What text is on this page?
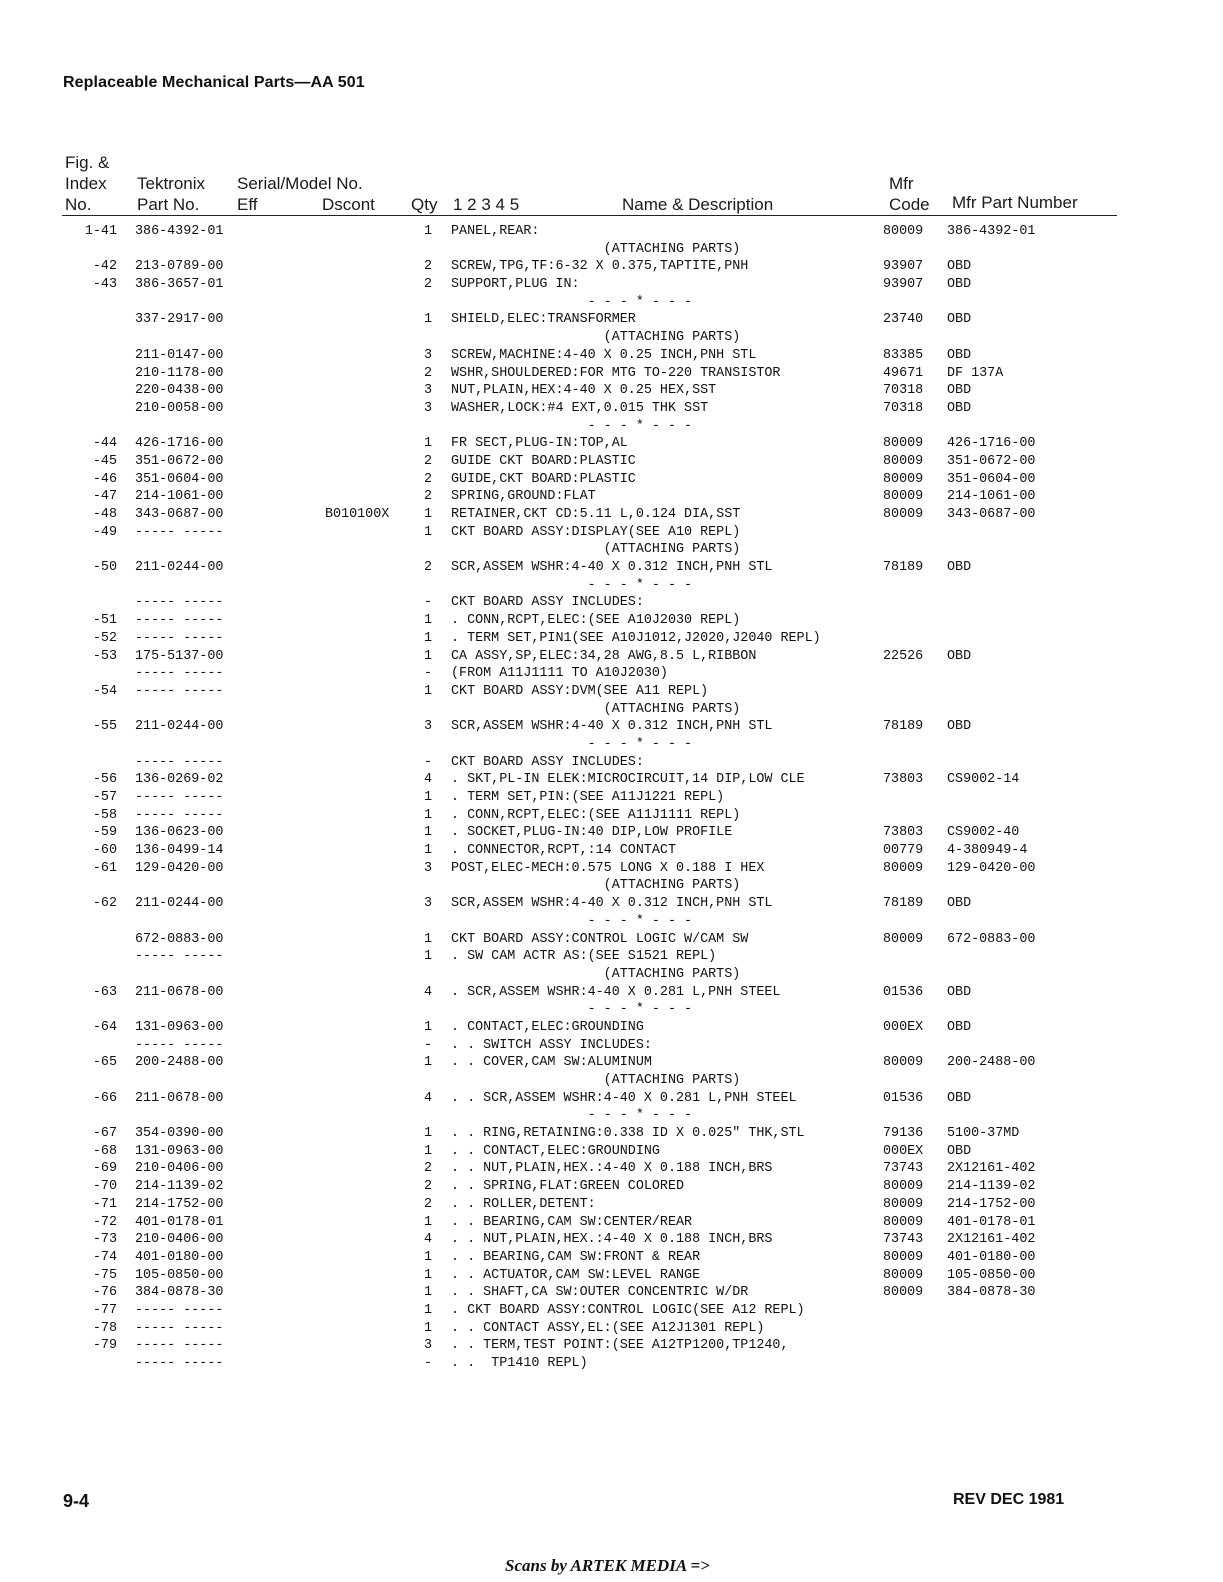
Replaceable Mechanical Parts—AA 501
Fig. &
Index
No.
Tektronix
Part No.
Serial/Model No.
Eff	Dscont Qty 1 2 3 4 5	Name & Description
Mfr
Code Mfr Part Number
1-41 386-4392-01	1	PANEL,REAR:	80009 386-4392-01
(ATTACHING PARTS)
-42 213-0789-00	2	SCREW,TPG,TF:6-32 X 0.375,TAPTITE,PNH	93907 OBD
-43 386-3657-01	2	SUPPORT,PLUG IN:	93907 OBD
- - - * - - -
337-2917-00	1	SHIELD,ELEC:TRANSFORMER	23740 OBD
(ATTACHING PARTS)
211-0147-00	3	SCREW,MACHINE:4-40 X 0.25 INCH,PNH STL	83385 OBD
210-1178-00	2	WSHR,SHOULDERED:FOR MTG TO-220 TRANSISTOR	49671 DF 137A
220-0438-00	3	NUT,PLAIN,HEX:4-40 X 0.25 HEX,SST	70318 OBD
210-0058-00	3	WASHER,LOCK:#4 EXT,0.015 THK SST	70318 OBD
- - - * - - -
-44 426-1716-00	1	FR SECT,PLUG-IN:TOP,AL	80009 426-1716-00
-45 351-0672-00	2	GUIDE CKT BOARD:PLASTIC	80009 351-0672-00
-46 351-0604-00	2	GUIDE,CKT BOARD:PLASTIC	80009 351-0604-00
-47 214-1061-00	2	SPRING,GROUND:FLAT	80009 214-1061-00
-48 343-0687-00	B010100X	1	RETAINER,CKT CD:5.11 L,0.124 DIA,SST	80009 343-0687-00
-49 ----- -----	1	CKT BOARD ASSY:DISPLAY(SEE A10 REPL)
(ATTACHING PARTS)
-50 211-0244-00	2	SCR,ASSEM WSHR:4-40 X 0.312 INCH,PNH STL	78189 OBD
- - - * - - -
----- -----	-	CKT BOARD ASSY INCLUDES:
-51 ----- -----	1	. CONN,RCPT,ELEC:(SEE A10J2030 REPL)
-52 ----- -----	1	. TERM SET,PIN1(SEE A10J1012,J2020,J2040 REPL)
-53 175-5137-00	1	CA ASSY,SP,ELEC:34,28 AWG,8.5 L,RIBBON	22526 OBD
----- -----	-	(FROM A11J1111 TO A10J2030)
-54 ----- -----	1	CKT BOARD ASSY:DVM(SEE A11 REPL)
(ATTACHING PARTS)
-55 211-0244-00	3	SCR,ASSEM WSHR:4-40 X 0.312 INCH,PNH STL	78189 OBD
- - - * - - -
----- -----	-	CKT BOARD ASSY INCLUDES:
-56 136-0269-02	4	. SKT,PL-IN ELEK:MICROCIRCUIT,14 DIP,LOW CLE	73803 CS9002-14
-57 ----- -----	1	. TERM SET,PIN:(SEE A11J1221 REPL)
-58 ----- -----	1	. CONN,RCPT,ELEC:(SEE A11J1111 REPL)
-59 136-0623-00	1	. SOCKET,PLUG-IN:40 DIP,LOW PROFILE	73803 CS9002-40
-60 136-0499-14	1	. CONNECTOR,RCPT,:14 CONTACT	00779 4-380949-4
-61 129-0420-00	3	POST,ELEC-MECH:0.575 LONG X 0.188 I HEX	80009 129-0420-00
(ATTACHING PARTS)
-62 211-0244-00	3	SCR,ASSEM WSHR:4-40 X 0.312 INCH,PNH STL	78189 OBD
- - - * - - -
672-0883-00	1	CKT BOARD ASSY:CONTROL LOGIC W/CAM SW	80009 672-0883-00
----- -----	1	. SW CAM ACTR AS:(SEE S1521 REPL)
(ATTACHING PARTS)
-63 211-0678-00	4	. SCR,ASSEM WSHR:4-40 X 0.281 L,PNH STEEL	01536 OBD
- - - * - - -
-64 131-0963-00	1	. CONTACT,ELEC:GROUNDING	000EX OBD
----- -----	-	. . SWITCH ASSY INCLUDES:
-65 200-2488-00	1	. . COVER,CAM SW:ALUMINUM	80009 200-2488-00
(ATTACHING PARTS)
-66 211-0678-00	4	. . SCR,ASSEM WSHR:4-40 X 0.281 L,PNH STEEL	01536 OBD
- - - * - - -
-67 354-0390-00	1	. . RING,RETAINING:0.338 ID X 0.025" THK,STL	79136 5100-37MD
-68 131-0963-00	1	. . CONTACT,ELEC:GROUNDING	000EX OBD
-69 210-0406-00	2	. . NUT,PLAIN,HEX.:4-40 X 0.188 INCH,BRS	73743 2X12161-402
-70 214-1139-02	2	. . SPRING,FLAT:GREEN COLORED	80009 214-1139-02
-71 214-1752-00	2	. . ROLLER,DETENT:	80009 214-1752-00
-72 401-0178-01	1	. . BEARING,CAM SW:CENTER/REAR	80009 401-0178-01
-73 210-0406-00	4	. . NUT,PLAIN,HEX.:4-40 X 0.188 INCH,BRS	73743 2X12161-402
-74 401-0180-00	1	. . BEARING,CAM SW:FRONT & REAR	80009 401-0180-00
-75 105-0850-00	1	. . ACTUATOR,CAM SW:LEVEL RANGE	80009 105-0850-00
-76 384-0878-30	1	. . SHAFT,CA SW:OUTER CONCENTRIC W/DR	80009 384-0878-30
-77 ----- -----	1	. CKT BOARD ASSY:CONTROL LOGIC(SEE A12 REPL)
-78 ----- -----	1	. . CONTACT ASSY,EL:(SEE A12J1301 REPL)
-79 ----- -----	3	. . TERM,TEST POINT:(SEE A12TP1200,TP1240,
----- -----	-	. .  TP1410 REPL)
9-4	REV DEC 1981
Scans by ARTEK MEDIA =>
